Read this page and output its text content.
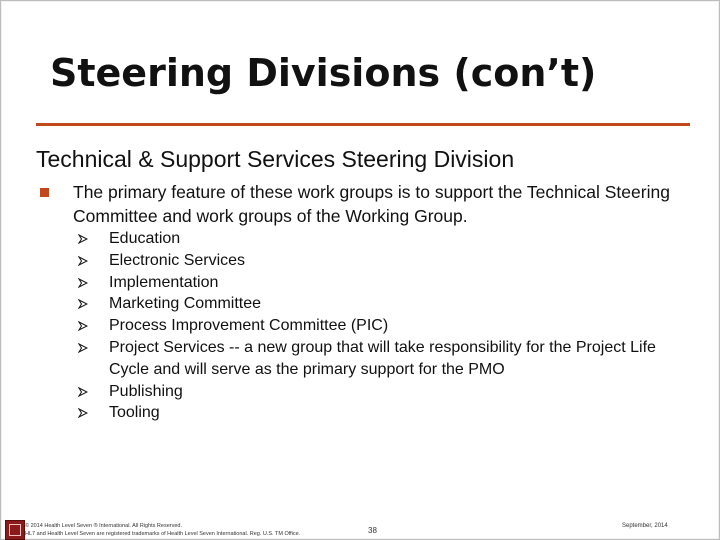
Steering Divisions (con’t)
Technical & Support Services Steering Division
The primary feature of these work groups is to support the Technical Steering Committee and work groups of the Working Group.
Education
Electronic Services
Implementation
Marketing Committee
Process Improvement Committee (PIC)
Project Services -- a new group that will take responsibility for the Project Life Cycle and will serve as the primary support for the PMO
Publishing
Tooling
© 2014 Health Level Seven ® International. All Rights Reserved.
HL7 and Health Level Seven are registered trademarks of Health Level Seven International. Reg. U.S. TM Office.	38	September, 2014
